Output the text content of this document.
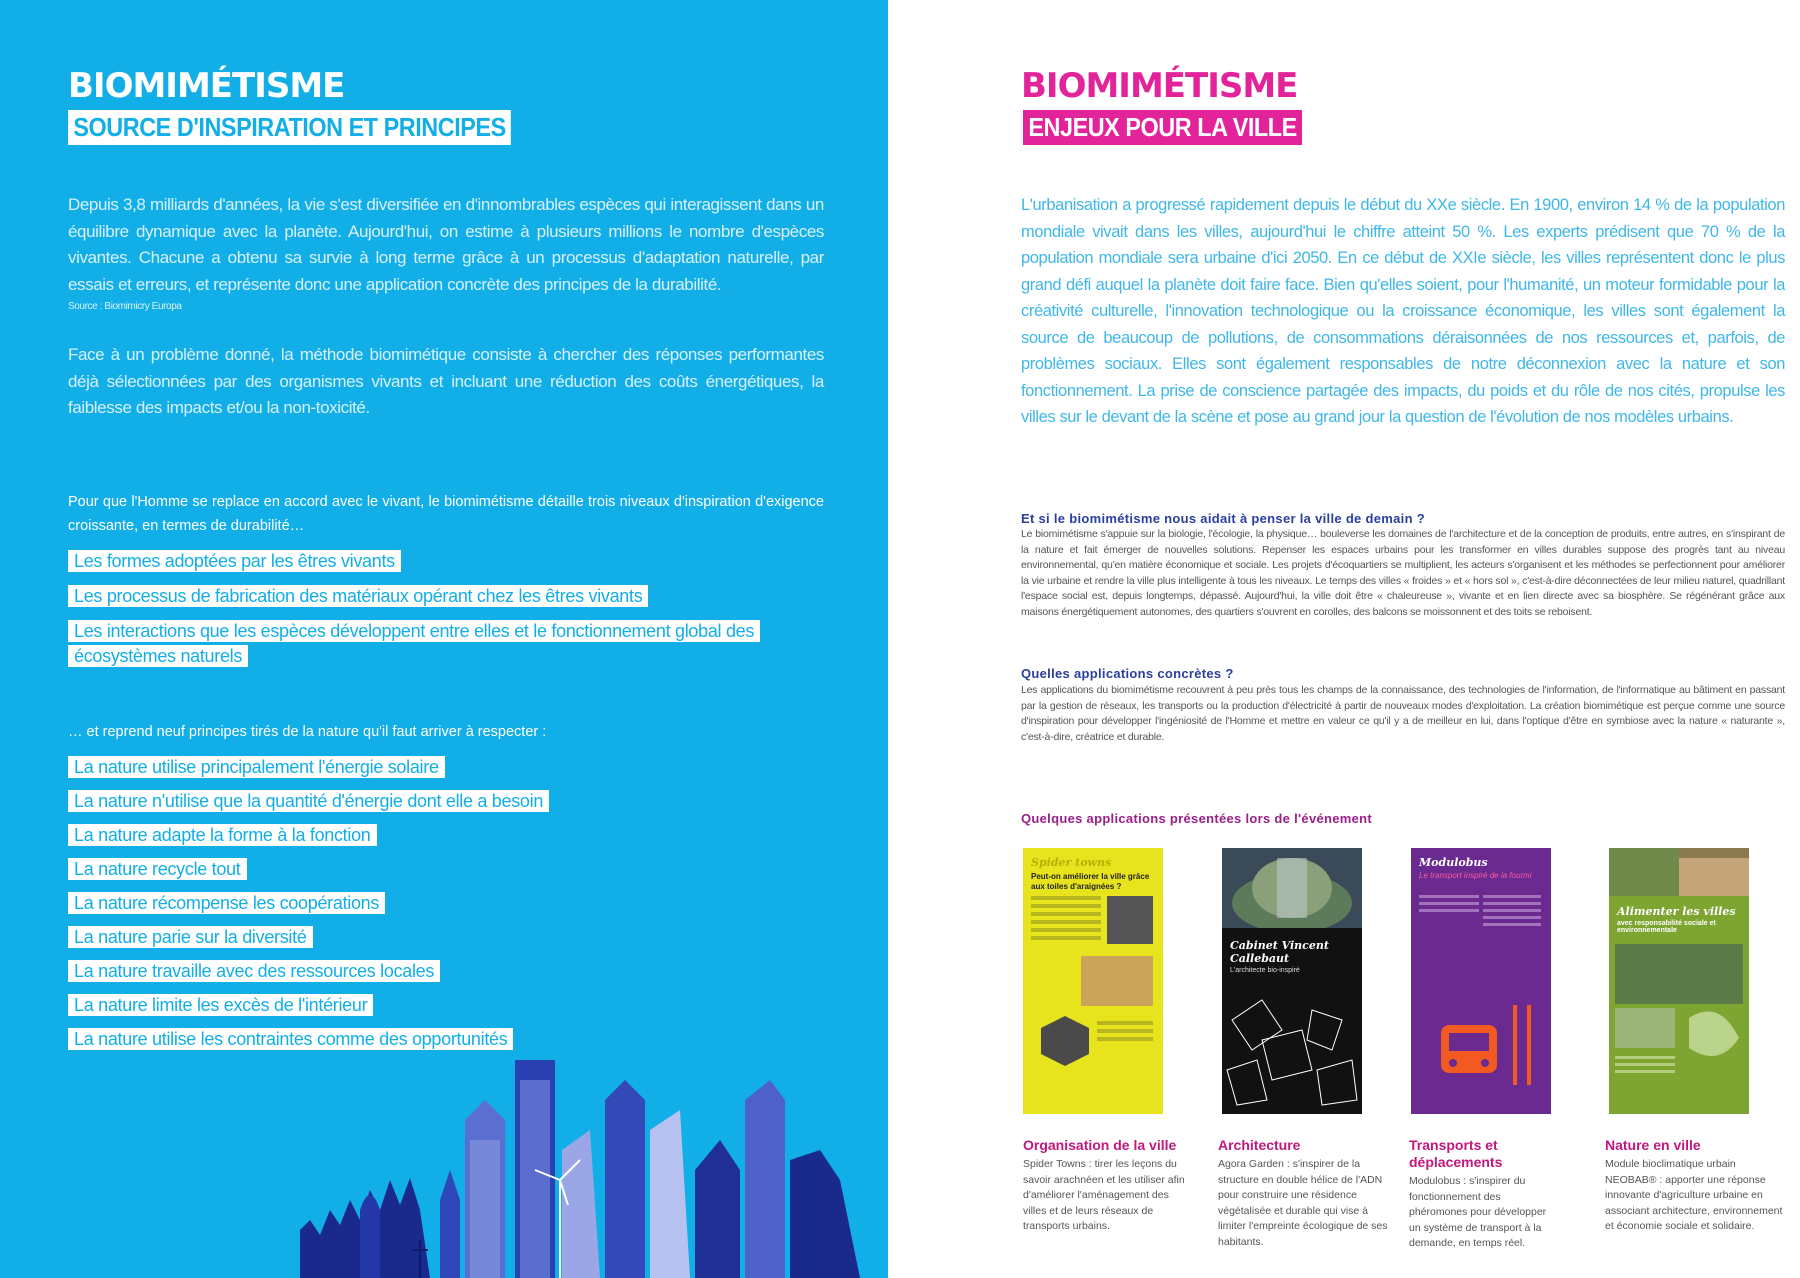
BIOMIMÉTISME
SOURCE D'INSPIRATION ET PRINCIPES
Depuis 3,8 milliards d'années, la vie s'est diversifiée en d'innombrables espèces qui interagissent dans un équilibre dynamique avec la planète. Aujourd'hui, on estime à plusieurs millions le nombre d'espèces vivantes. Chacune a obtenu sa survie à long terme grâce à un processus d'adaptation naturelle, par essais et erreurs, et représente donc une application concrète des principes de la durabilité.
Source : Biomimicry Europa
Face à un problème donné, la méthode biomimétique consiste à chercher des réponses performantes déjà sélectionnées par des organismes vivants et incluant une réduction des coûts énergétiques, la faiblesse des impacts et/ou la non-toxicité.
Pour que l'Homme se replace en accord avec le vivant, le biomimétisme détaille trois niveaux d'inspiration d'exigence croissante, en termes de durabilité…
Les formes adoptées par les êtres vivants
Les processus de fabrication des matériaux opérant chez les êtres vivants
Les interactions que les espèces développent entre elles et le fonctionnement global des écosystèmes naturels
… et reprend neuf principes tirés de la nature qu'il faut arriver à respecter :
La nature utilise principalement l'énergie solaire
La nature n'utilise que la quantité d'énergie dont elle a besoin
La nature adapte la forme à la fonction
La nature recycle tout
La nature récompense les coopérations
La nature parie sur la diversité
La nature travaille avec des ressources locales
La nature limite les excès de l'intérieur
La nature utilise les contraintes comme des opportunités
BIOMIMÉTISME
ENJEUX POUR LA VILLE
L'urbanisation a progressé rapidement depuis le début du XXe siècle. En 1900, environ 14 % de la population mondiale vivait dans les villes, aujourd'hui le chiffre atteint 50 %. Les experts prédisent que 70 % de la population mondiale sera urbaine d'ici 2050. En ce début de XXIe siècle, les villes représentent donc le plus grand défi auquel la planète doit faire face. Bien qu'elles soient, pour l'humanité, un moteur formidable pour la créativité culturelle, l'innovation technologique ou la croissance économique, les villes sont également la source de beaucoup de pollutions, de consommations déraisonnées de nos ressources et, parfois, de problèmes sociaux. Elles sont également responsables de notre déconnexion avec la nature et son fonctionnement. La prise de conscience partagée des impacts, du poids et du rôle de nos cités, propulse les villes sur le devant de la scène et pose au grand jour la question de l'évolution de nos modèles urbains.
Et si le biomimétisme nous aidait à penser la ville de demain ?
Le biomimétisme s'appuie sur la biologie, l'écologie, la physique… bouleverse les domaines de l'architecture et de la conception de produits, entre autres, en s'inspirant de la nature et fait émerger de nouvelles solutions. Repenser les espaces urbains pour les transformer en villes durables suppose des progrès tant au niveau environnemental, qu'en matière économique et sociale. Les projets d'écoquartiers se multiplient, les acteurs s'organisent et les méthodes se perfectionnent pour améliorer la vie urbaine et rendre la ville plus intelligente à tous les niveaux. Le temps des villes « froides » et « hors sol », c'est-à-dire déconnectées de leur milieu naturel, quadrillant l'espace social est, depuis longtemps, dépassé. Aujourd'hui, la ville doit être « chaleureuse », vivante et en lien directe avec sa biosphère. Se régénérant grâce aux maisons énergétiquement autonomes, des quartiers s'ouvrent en corolles, des balcons se moissonnent et des toits se reboisent.
Quelles applications concrètes ?
Les applications du biomimétisme recouvrent à peu près tous les champs de la connaissance, des technologies de l'information, de l'informatique au bâtiment en passant par la gestion de réseaux, les transports ou la production d'électricité à partir de nouveaux modes d'exploitation. La création biomimétique est perçue comme une source d'inspiration pour développer l'ingéniosité de l'Homme et mettre en valeur ce qu'il y a de meilleur en lui, dans l'optique d'être en symbiose avec la nature « naturante », c'est-à-dire, créatrice et durable.
Quelques applications présentées lors de l'événement
Spider towns
Peut-on améliorer la ville grâce aux toiles d'araignées ?
Cabinet Vincent Callebaut
L'architecte bio-inspiré
Modulobus
Le transport inspiré de la fourmi
Alimenter les villes
avec responsabilité sociale et environnementale
Organisation de la ville
Spider Towns : tirer les leçons du savoir arachnéen et les utiliser afin d'améliorer l'aménagement des villes et de leurs réseaux de transports urbains.
Architecture
Agora Garden : s'inspirer de la structure en double hélice de l'ADN pour construire une résidence végétalisée et durable qui vise à limiter l'empreinte écologique de ses habitants.
Transports et déplacements
Modulobus : s'inspirer du fonctionnement des phéromones pour développer un système de transport à la demande, en temps réel.
Nature en ville
Module bioclimatique urbain NEOBAB® : apporter une réponse innovante d'agriculture urbaine en associant architecture, environnement et économie sociale et solidaire.
